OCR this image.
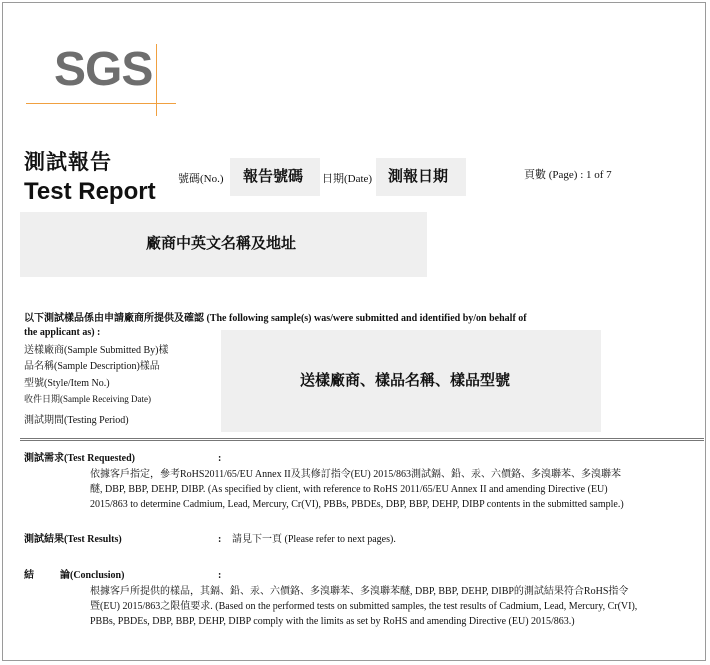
SGS
測試報告
Test Report 號碼(No.) 報告號碼 日期(Date) 測報日期	頁數 (Page) : 1 of 7
廠商中英文名稱及地址
以下測試樣品係由申請廠商所提供及確認 (The following sample(s) was/were submitted and identified by/on behalf of
the applicant as) :
送樣廠商(Sample Submitted By)樣
品名稱(Sample Description)樣品
型號(Style/Item No.)
收件日期(Sample Receiving Date)
測試期間(Testing Period)
送樣廠商、樣品名稱、樣品型號
測試需求(Test Requested)	:
依據客戶指定，參考RoHS2011/65/EU Annex II及其修訂指令(EU) 2015/863測試鎘、鉛、汞、六價鉻、多溴聯苯、多溴聯苯
醚, DBP, BBP, DEHP, DIBP. (As specified by client, with reference to RoHS 2011/65/EU Annex II and amending Directive (EU)
2015/863 to determine Cadmium, Lead, Mercury, Cr(VI), PBBs, PBDEs, DBP, BBP, DEHP, DIBP contents in the submitted sample.)
測試結果(Test Results)	: 請見下一頁 (Please refer to next pages).
結	論(Conclusion)	:
根據客戶所提供的樣品，其鎘、鉛、汞、六價鉻、多溴聯苯、多溴聯苯醚, DBP, BBP, DEHP, DIBP的測試結果符合RoHS指令
暨(EU) 2015/863之限值要求. (Based on the performed tests on submitted samples, the test results of Cadmium, Lead, Mercury, Cr(VI),
PBBs, PBDEs, DBP, BBP, DEHP, DIBP comply with the limits as set by RoHS and amending Directive (EU) 2015/863.)
